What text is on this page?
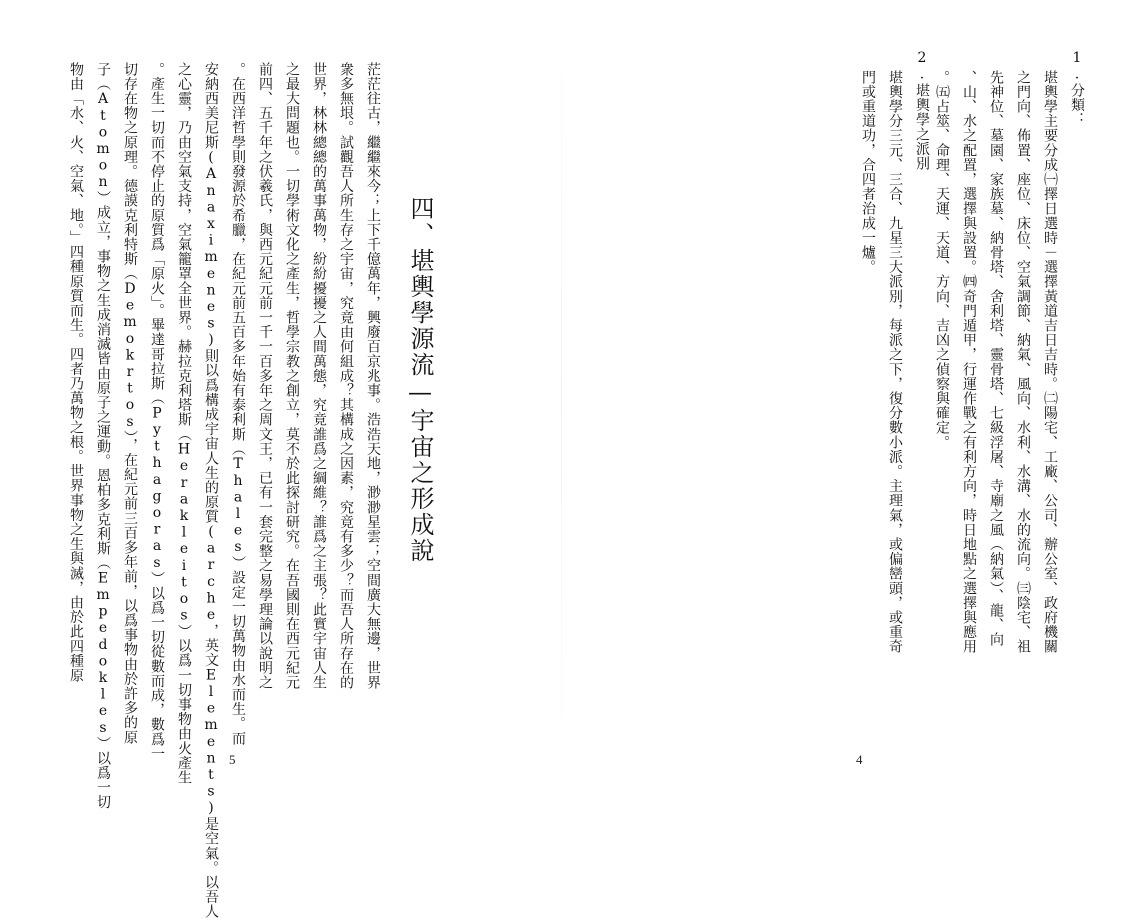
四、堪輿學源流—宇宙之形成說
茫茫往古，繼繼來今；上下千億萬年，興廢百京兆事。浩浩天地，渺渺星雲；空間廣大無邊，世界
衆多無垠。試觀吾人所生存之宇宙，究竟由何組成？其構成之因素，究竟有多少？而吾人所存在的
世界，林林總總的萬事萬物，紛紛擾擾之人間萬態，究竟誰爲之綱維？誰爲之主張？此實宇宙人生
之最大問題也。一切學術文化之產生，哲學宗教之創立，莫不於此探討研究。在吾國則在西元紀元
前四、五千年之伏羲氏，與西元紀元前一千一百多年之周文王，已有一套完整之易學理論以說明之
。在西洋哲學則發源於希臘，在紀元前五百多年始有泰利斯（Thales）設定一切萬物由水而生。而
安納西美尼斯(Anaximenes)則以爲構成宇宙人生的原質(arche，英文Elements)是空氣。以吾人
之心靈，乃由空氣支持，空氣籠罩全世界。赫拉克利塔斯（Herakleitos）以爲一切事物由火產生
。產生一切而不停止的原質爲「原火」。畢達哥拉斯（Pythagoras）以爲一切從數而成，數爲一
切存在物之原理。德謨克利特斯（Demokrtos），在紀元前三百多年前，以爲事物由於許多的原
子（Atomon）成立，事物之生成消滅皆由原子之運動。恩柏多克利斯（Empedokles）以爲一切
物由「水、火、空氣、地。」四種原質而生。四者乃萬物之根。世界事物之生與滅，由於此四種原
5
1.分類：
堪輿學主要分成㈠擇日選時－選擇黃道吉日吉時。㈡陽宅、工廠、公司、辦公室、政府機關
之門向、佈置、座位、床位、空氣調節、納氣、風向、水利、水溝、水的流向。㈢陰宅、祖
先神位、墓園、家族墓、納骨塔、舍利塔、靈骨塔、七級浮屠、寺廟之風（納氣）、龍、向
、山、水之配置，選擇與設置。㈣奇門遁甲，行運作戰之有利方向，時日地點之選擇與應用
。㈤占筮、命理、天運、天道、方向、吉凶之偵察與確定。
2.堪輿學之派別
堪輿學分三元、三合、九星三大派別，每派之下，復分數小派。主理氣，或偏巒頭，或重奇
門或重道功，合四者治成一爐。
4
